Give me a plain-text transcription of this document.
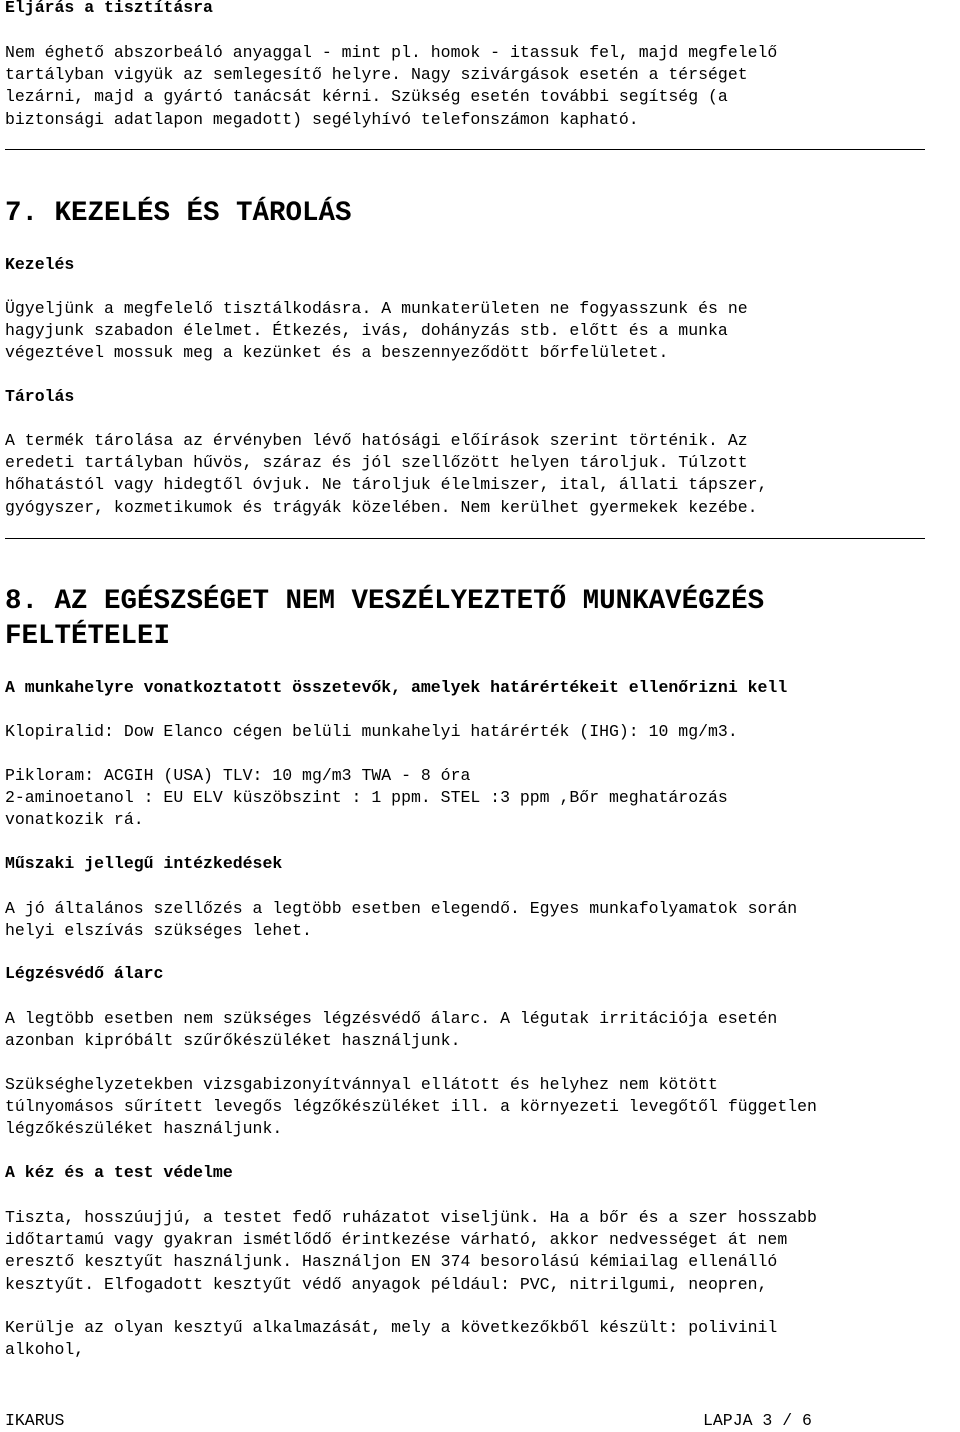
Eljárás a tisztításra
Nem éghető abszorbeáló anyaggal - mint pl. homok - itassuk fel, majd megfelelő
tartályban vigyük az semlegesítő helyre. Nagy szivárgások esetén a térséget
lezárni, majd a gyártó tanácsát kérni. Szükség esetén további segítség (a
biztonsági adatlapon megadott) segélyhívó telefonszámon kapható.
7. KEZELÉS ÉS TÁROLÁS
Kezelés
Ügyeljünk a megfelelő tisztálkodásra. A munkaterületen ne fogyasszunk és ne
hagyjunk szabadon élelmet. Étkezés, ivás, dohányzás stb. előtt és a munka
végeztével mossuk meg a kezünket és a beszennyeződött bőrfelületet.
Tárolás
A termék tárolása az érvényben lévő hatósági előírások szerint történik. Az
eredeti tartályban hűvös, száraz és jól szellőzött helyen tároljuk. Túlzott
hőhatástól vagy hidegtől óvjuk. Ne tároljuk élelmiszer, ital, állati tápszer,
gyógyszer, kozmetikumok és trágyák közelében. Nem kerülhet gyermekek kezébe.
8. AZ EGÉSZSÉGET NEM VESZÉLYEZTETŐ MUNKAVÉGZÉS
FELTÉTELEI
A munkahelyre vonatkoztatott összetevők, amelyek határértékeit ellenőrizni kell
Klopiralid: Dow Elanco cégen belüli munkahelyi határérték (IHG): 10 mg/m3.
Pikloram: ACGIH (USA) TLV: 10 mg/m3 TWA - 8 óra
2-aminoetanol : EU ELV küszöbszint : 1 ppm. STEL :3 ppm ,Bőr meghatározás
vonatkozik rá.
Műszaki jellegű intézkedések
A jó általános szellőzés a legtöbb esetben elegendő. Egyes munkafolyamatok során
helyi elszívás szükséges lehet.
Légzésvédő álarc
A legtöbb esetben nem szükséges légzésvédő álarc. A légutak irritációja esetén
azonban kipróbált szűrőkészüléket használjunk.
Szükséghelyzetekben vizsgabizonyítvánnyal ellátott és helyhez nem kötött
túlnyomásos sűrített levegős légzőkészüléket ill. a környezeti levegőtől független
légzőkészüléket használjunk.
A kéz és a test védelme
Tiszta, hosszúujjú, a testet fedő ruházatot viseljünk. Ha a bőr és a szer hosszabb
időtartamú vagy gyakran ismétlődő érintkezése várható, akkor nedvességet át nem
eresztő kesztyűt használjunk. Használjon EN 374 besorolású kémiailag ellenálló
kesztyűt. Elfogadott kesztyűt védő anyagok például: PVC, nitrilgumi, neopren,
Kerülje az olyan kesztyű alkalmazását, mely a következőkből készült: polivinil
alkohol,
IKARUS	LAPJA 3 / 6
